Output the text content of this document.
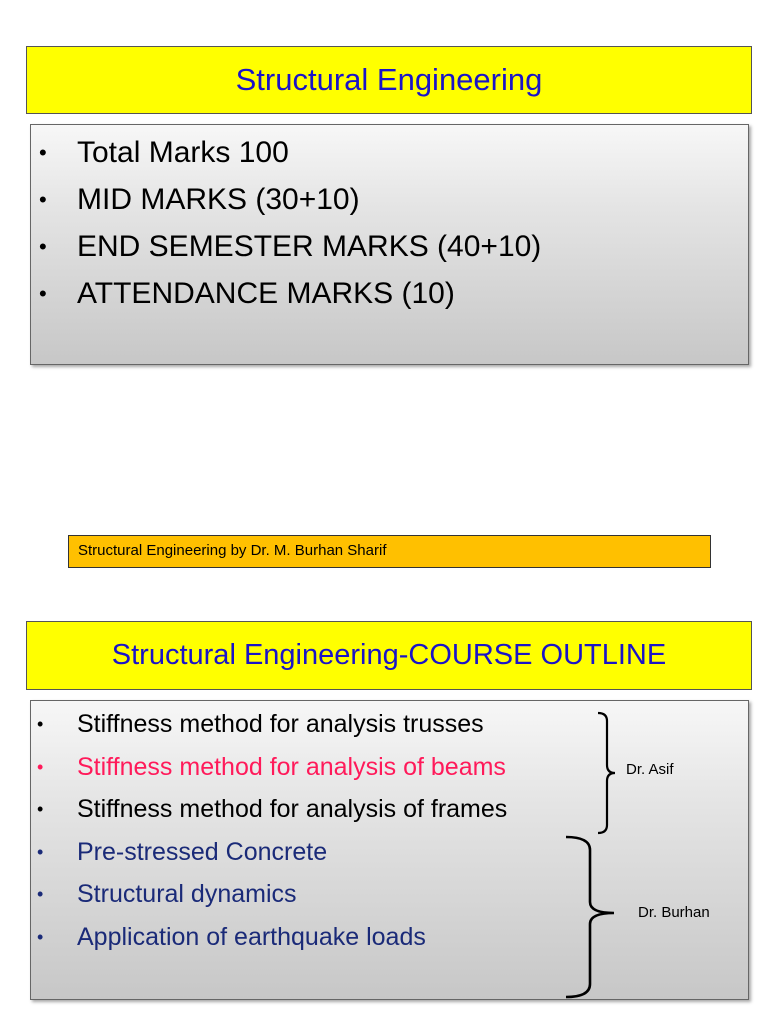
Structural Engineering
• Total Marks 100
• MID MARKS (30+10)
• END SEMESTER MARKS (40+10)
• ATTENDANCE MARKS (10)
Structural Engineering by Dr. M. Burhan Sharif
Structural Engineering-COURSE OUTLINE
• Stiffness method for analysis trusses
• Stiffness method for analysis of beams
• Stiffness method for analysis of frames
• Pre-stressed Concrete
• Structural dynamics
• Application of earthquake loads
Dr. Asif
Dr. Burhan
